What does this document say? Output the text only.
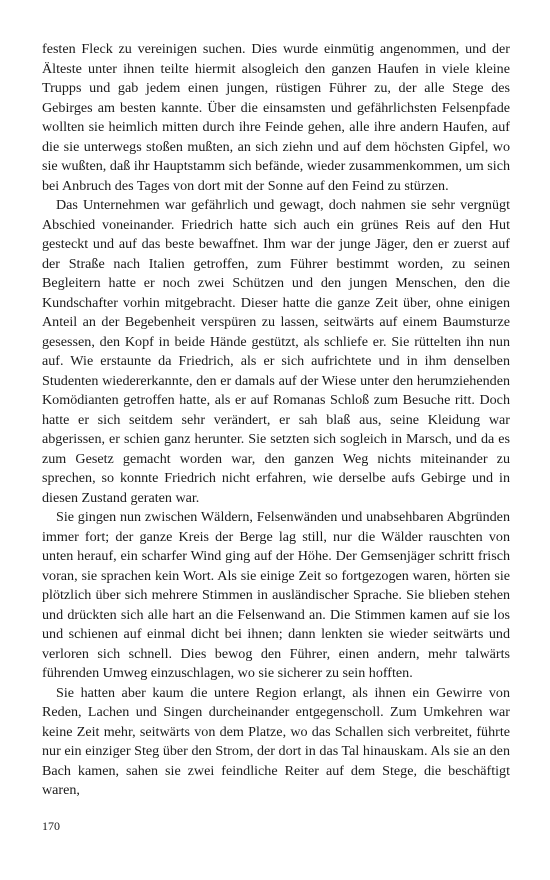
festen Fleck zu vereinigen suchen. Dies wurde einmütig angenommen, und der Älteste unter ihnen teilte hiermit alsogleich den ganzen Haufen in viele kleine Trupps und gab jedem einen jungen, rüstigen Führer zu, der alle Stege des Gebirges am besten kannte. Über die einsamsten und gefährlichsten Felsenpfade wollten sie heimlich mitten durch ihre Feinde gehen, alle ihre andern Haufen, auf die sie unterwegs stoßen mußten, an sich ziehn und auf dem höchsten Gipfel, wo sie wußten, daß ihr Hauptstamm sich befände, wieder zusammenkommen, um sich bei Anbruch des Tages von dort mit der Sonne auf den Feind zu stürzen.

Das Unternehmen war gefährlich und gewagt, doch nahmen sie sehr vergnügt Abschied voneinander. Friedrich hatte sich auch ein grünes Reis auf den Hut gesteckt und auf das beste bewaffnet. Ihm war der junge Jäger, den er zuerst auf der Straße nach Italien getroffen, zum Führer bestimmt worden, zu seinen Begleitern hatte er noch zwei Schützen und den jungen Menschen, den die Kundschafter vorhin mitgebracht. Dieser hatte die ganze Zeit über, ohne einigen Anteil an der Begebenheit verspüren zu lassen, seitwärts auf einem Baumsturze gesessen, den Kopf in beide Hände gestützt, als schliefe er. Sie rüttelten ihn nun auf. Wie erstaunte da Friedrich, als er sich aufrichtete und in ihm denselben Studenten wiedererkannte, den er damals auf der Wiese unter den herumziehenden Komödianten getroffen hatte, als er auf Romanas Schloß zum Besuche ritt. Doch hatte er sich seitdem sehr verändert, er sah blaß aus, seine Kleidung war abgerissen, er schien ganz herunter. Sie setzten sich sogleich in Marsch, und da es zum Gesetz gemacht worden war, den ganzen Weg nichts miteinander zu sprechen, so konnte Friedrich nicht erfahren, wie derselbe aufs Gebirge und in diesen Zustand geraten war.

Sie gingen nun zwischen Wäldern, Felsenwänden und unabsehbaren Abgründen immer fort; der ganze Kreis der Berge lag still, nur die Wälder rauschten von unten herauf, ein scharfer Wind ging auf der Höhe. Der Gemsenjäger schritt frisch voran, sie sprachen kein Wort. Als sie einige Zeit so fortgezogen waren, hörten sie plötzlich über sich mehrere Stimmen in ausländischer Sprache. Sie blieben stehen und drückten sich alle hart an die Felsenwand an. Die Stimmen kamen auf sie los und schienen auf einmal dicht bei ihnen; dann lenkten sie wieder seitwärts und verloren sich schnell. Dies bewog den Führer, einen andern, mehr talwärts führenden Umweg einzuschlagen, wo sie sicherer zu sein hofften.

Sie hatten aber kaum die untere Region erlangt, als ihnen ein Gewirre von Reden, Lachen und Singen durcheinander entgegenscholl. Zum Umkehren war keine Zeit mehr, seitwärts von dem Platze, wo das Schallen sich verbreitet, führte nur ein einziger Steg über den Strom, der dort in das Tal hinauskam. Als sie an den Bach kamen, sahen sie zwei feindliche Reiter auf dem Stege, die beschäftigt waren,

170
